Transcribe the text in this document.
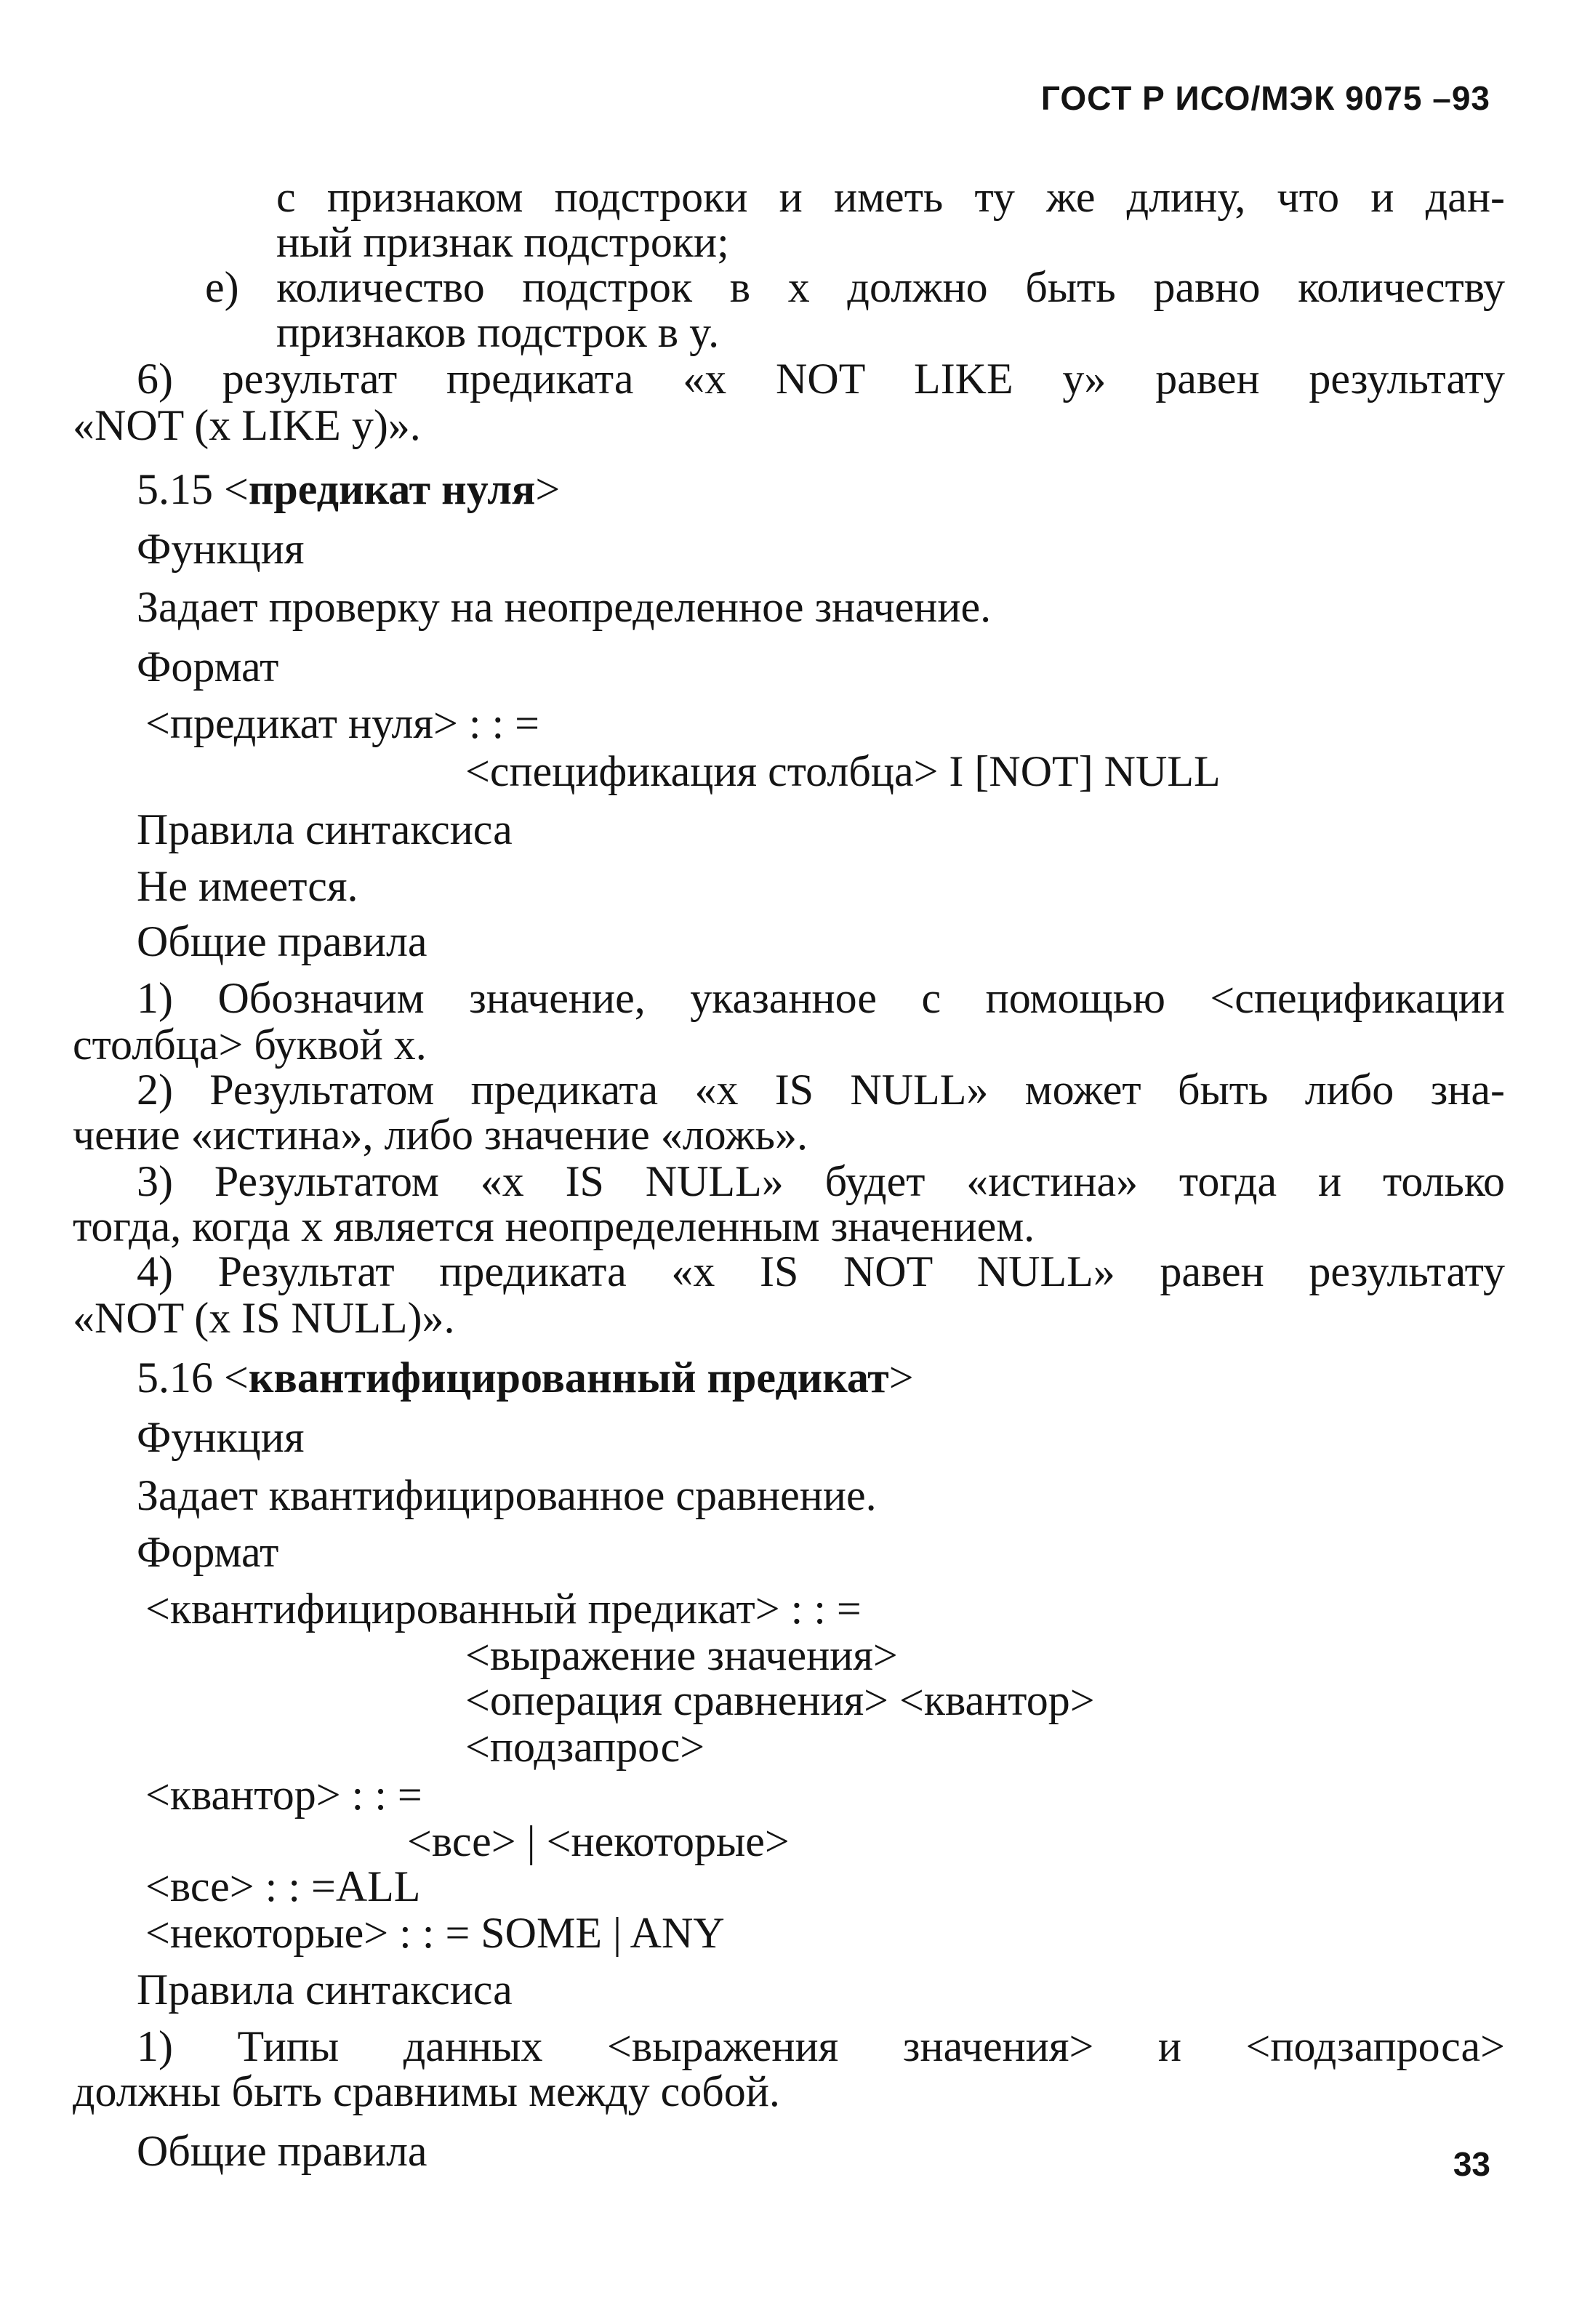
ГОСТ Р ИСО/МЭК 9075 –93

с признаком подстроки и иметь ту же длину, что и дан-

ный признак подстроки;

e) количество подстрок в x должно быть равно количеству

признаков подстрок в y.

6) результат предиката «x NOT LIKE y» равен результату

«NOT (x LIKE y)».

5.15 <предикат нуля>

Функция

Задает проверку на неопределенное значение.

Формат

<предикат нуля> : : =

<спецификация столбца> I [NOT] NULL

Правила синтаксиса

Не имеется.

Общие правила

1) Обозначим значение, указанное с помощью <спецификации

столбца> буквой x.

2) Результатом предиката «x IS NULL» может быть либо зна-

чение «истина», либо значение «ложь».

3) Результатом «x IS NULL» будет «истина» тогда и только

тогда, когда x является неопределенным значением.

4) Результат предиката «x IS NOT NULL» равен результату

«NOT (x IS NULL)».

5.16 <квантифицированный предикат>

Функция

Задает квантифицированное сравнение.

Формат

<квантифицированный предикат> : : =

<выражение значения>

<операция сравнения> <квантор>

<подзапрос>

<квантор> : : =

<все> | <некоторые>

<все> : : =ALL

<некоторые> : : = SOME | ANY

Правила синтаксиса

1) Типы данных <выражения значения> и <подзапроса>

должны быть сравнимы между собой.

Общие правила	33
